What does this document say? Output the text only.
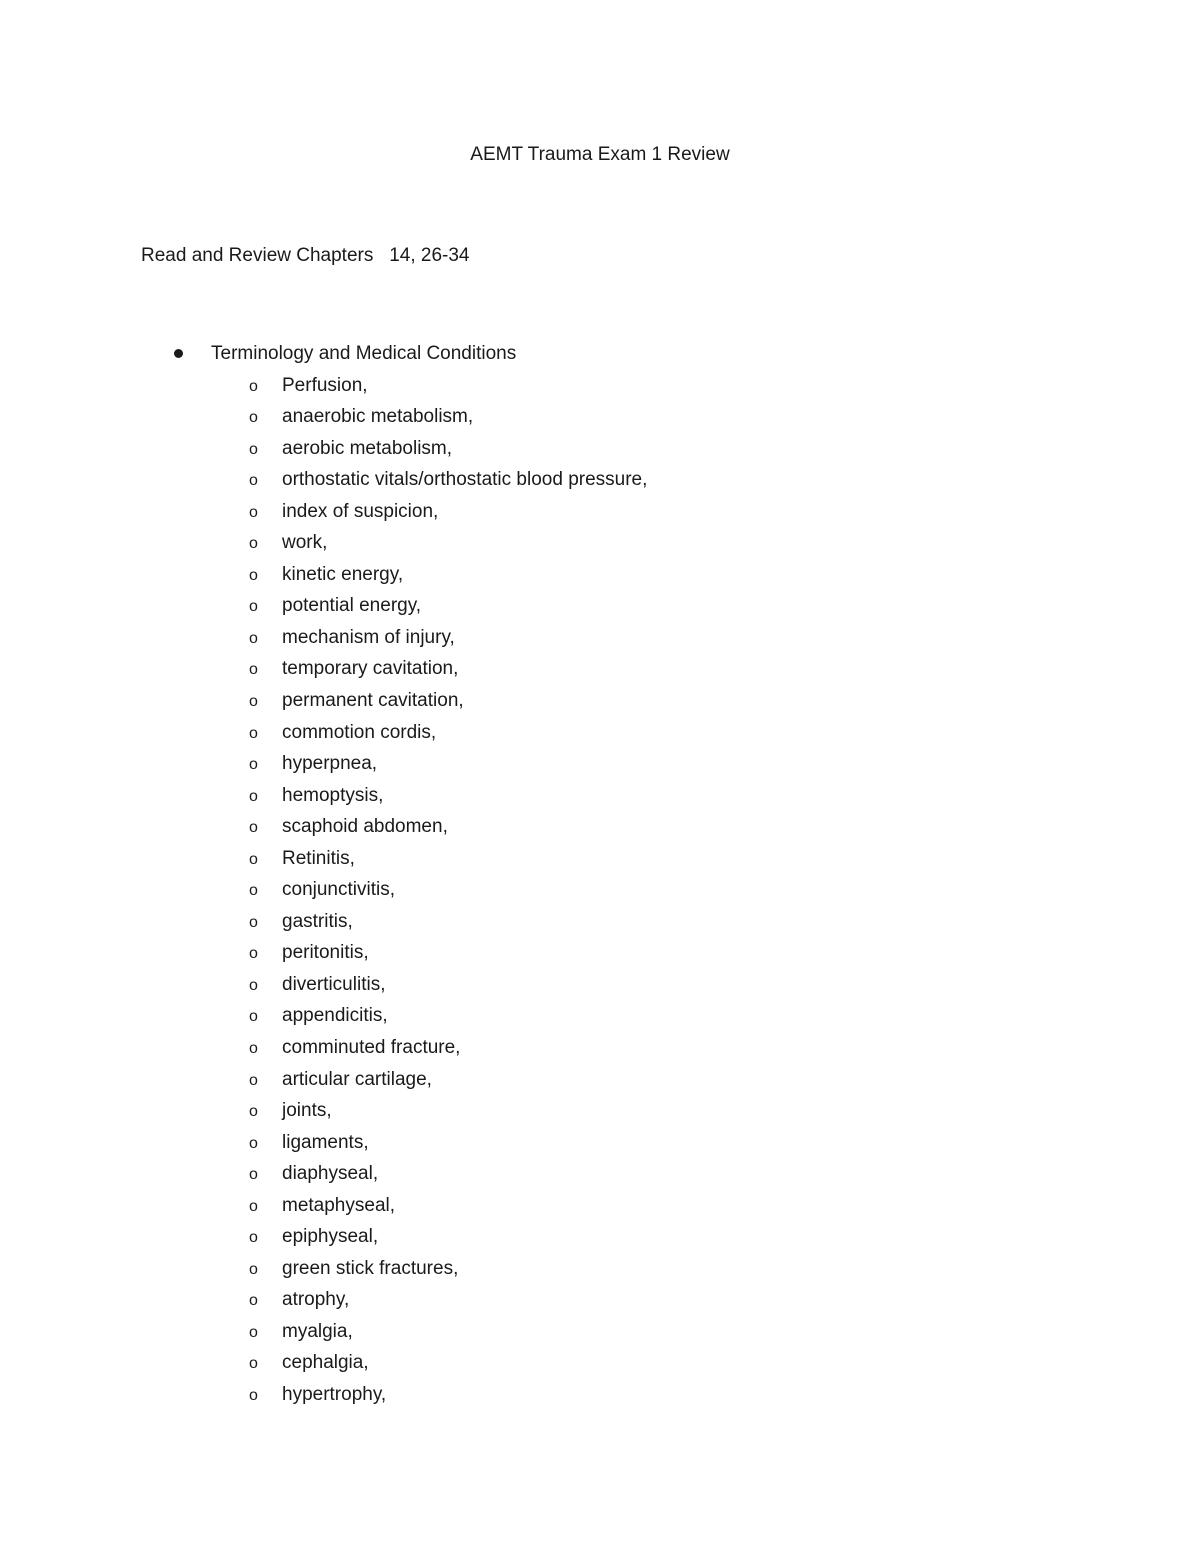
AEMT Trauma Exam 1 Review

Read and Review Chapters   14, 26-34

Terminology and Medical Conditions
o Perfusion,
o anaerobic metabolism,
o aerobic metabolism,
o orthostatic vitals/orthostatic blood pressure,
o index of suspicion,
o work,
o kinetic energy,
o potential energy,
o mechanism of injury,
o temporary cavitation,
o permanent cavitation,
o commotion cordis,
o hyperpnea,
o hemoptysis,
o scaphoid abdomen,
o Retinitis,
o conjunctivitis,
o gastritis,
o peritonitis,
o diverticulitis,
o appendicitis,
o comminuted fracture,
o articular cartilage,
o joints,
o ligaments,
o diaphyseal,
o metaphyseal,
o epiphyseal,
o green stick fractures,
o atrophy,
o myalgia,
o cephalgia,
o hypertrophy,
